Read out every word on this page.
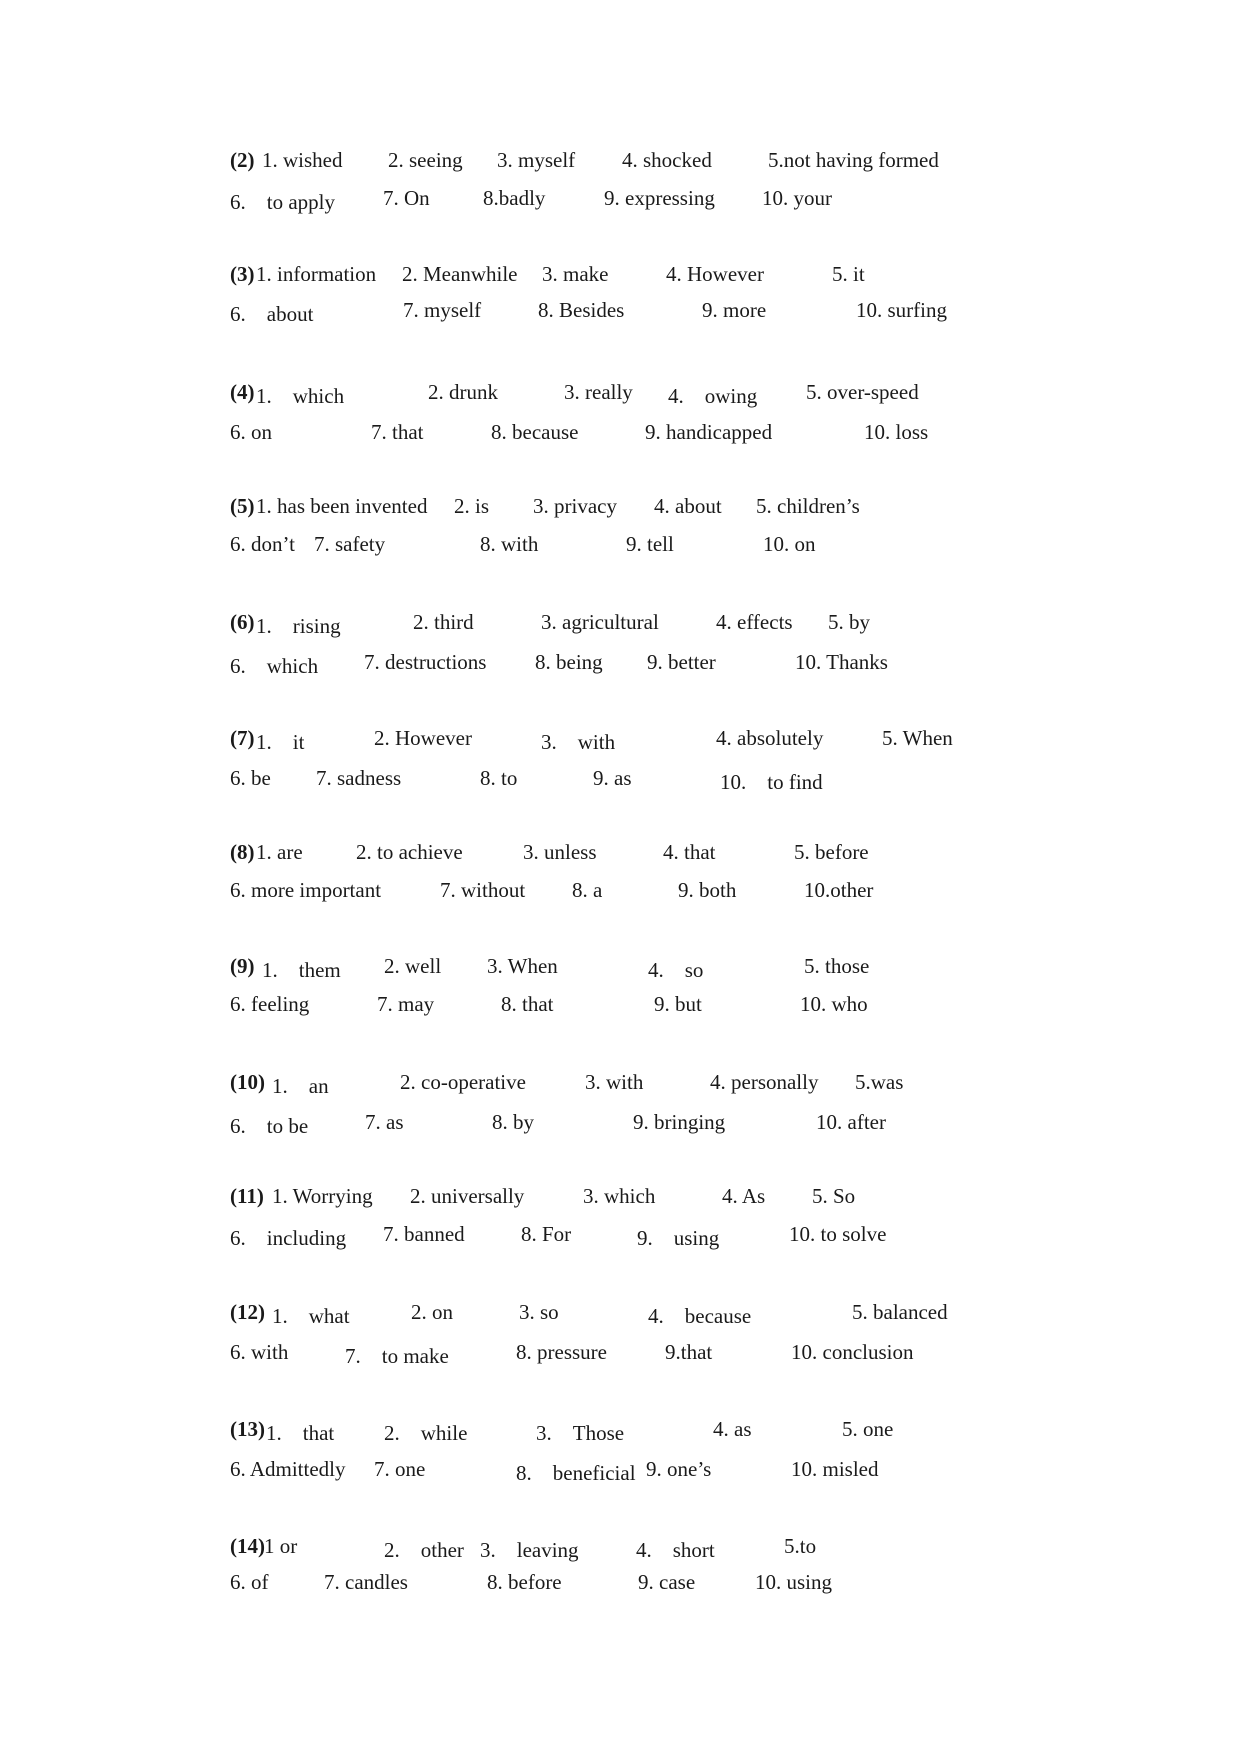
(2) 1. wished 2. seeing 3. myself 4. shocked	5.not having formed
6.　to apply 7. On	8.badly	9. expressing 10. your
(3) 1. information 2. Meanwhile 3. make	4. However	5. it
6.　about	7. myself	8. Besides	9. more	10. surfing
(4) 1.　which	2. drunk	3. really 4.　owing 5. over-speed
6. on	7. that	8. because	9. handicapped	10. loss
(5) 1. has been invented 2. is 3. privacy 4. about 5. children’s
6. don’t 7. safety	8. with	9. tell	10. on
(6) 1.　rising	2. third	3. agricultural	4. effects 5. by
6.　which 7. destructions 8. being 9. better	10. Thanks
(7) 1.　it	2. However	3.　with	4. absolutely	5. When
6. be 7. sadness	8. to	9. as	10.　to find
(8) 1. are	2. to achieve	3. unless	4. that	5. before
6. more important	7. without 8. a	9. both	10.other
(9) 1.　them 2. well 3. When	4.　so	5. those
6. feeling	7. may	8. that	9. but	10. who
(10) 1.　an	2. co-operative	3. with	4. personally 5.was
6.　to be	7. as	8. by	9. bringing	10. after
(11) 1. Worrying 2. universally	3. which	4. As 5. So
6.　including 7. banned	8. For	9.　using	10. to solve
(12) 1.　what	2. on	3. so	4.　because	5. balanced
6. with	7.　to make	8. pressure	9.that	10. conclusion
(13) 1.　that 2.　while	3.　Those	4. as	5. one
6. Admittedly 7. one	8.　beneficial 9. one’s	10. misled
(14) 1 or	2.　other 3.　leaving	4.　short	5.to
6. of	7. candles	8. before	9. case	10. using
